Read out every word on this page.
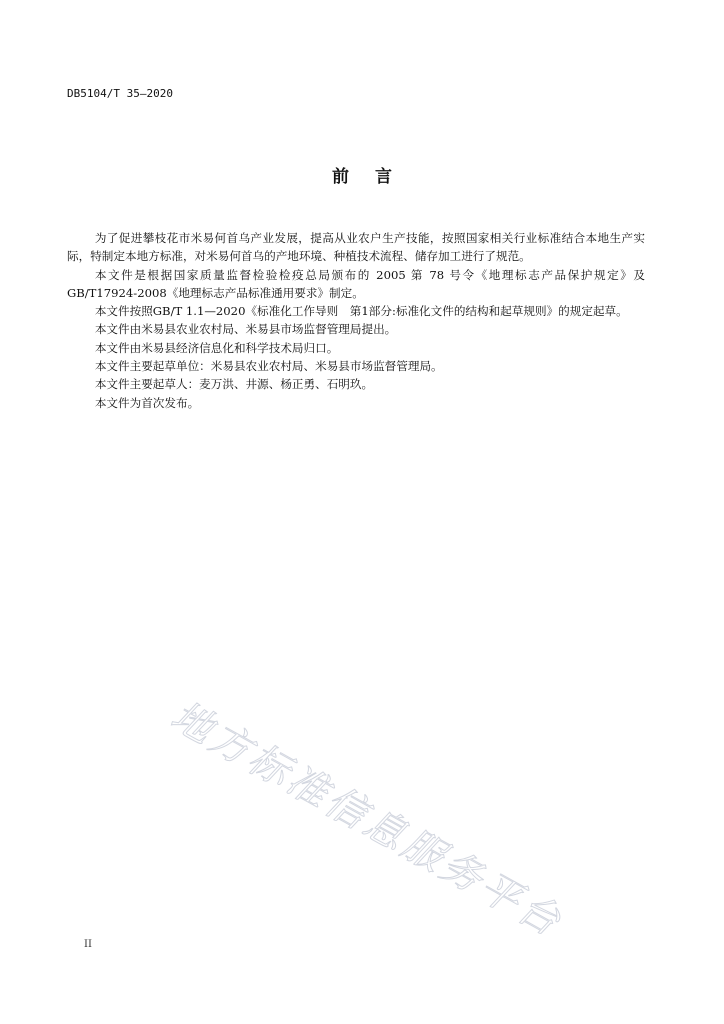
DB5104/T 35—2020
前言

为了促进攀枝花市米易何首乌产业发展，提高从业农户生产技能，按照国家相关行业标准结合本地生产实际，特制定本地方标准，对米易何首乌的产地环境、种植技术流程、储存加工进行了规范。

本文件是根据国家质量监督检验检疫总局颁布的 2005 第 78 号令《地理标志产品保护规定》及GB/T17924-2008《地理标志产品标准通用要求》制定。

本文件按照GB/T 1.1—2020《标准化工作导则　第1部分:标准化文件的结构和起草规则》的规定起草。

本文件由米易县农业农村局、米易县市场监督管理局提出。

本文件由米易县经济信息化和科学技术局归口。

本文件主要起草单位：米易县农业农村局、米易县市场监督管理局。

本文件主要起草人：麦万洪、井源、杨正勇、石明玖。

本文件为首次发布。

地方标准信息服务平台
II
